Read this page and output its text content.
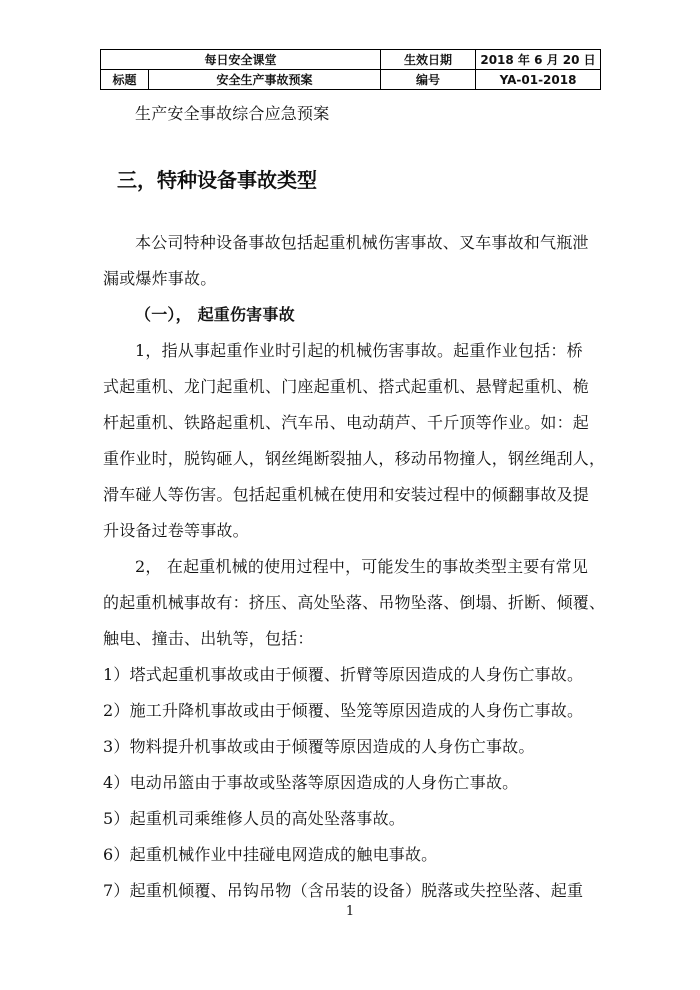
每日安全课堂		生效日期	2018 年 6 月 20 日
标题	安全生产事故预案	编号	YA-01-2018
生产安全事故综合应急预案
三，特种设备事故类型
本公司特种设备事故包括起重机械伤害事故、叉车事故和气瓶泄
漏或爆炸事故。
（一）， 起重伤害事故
1，指从事起重作业时引起的机械伤害事故。起重作业包括：桥
式起重机、龙门起重机、门座起重机、搭式起重机、悬臂起重机、桅
杆起重机、铁路起重机、汽车吊、电动葫芦、千斤顶等作业。如：起
重作业时，脱钩砸人，钢丝绳断裂抽人，移动吊物撞人，钢丝绳刮人，
滑车碰人等伤害。包括起重机械在使用和安装过程中的倾翻事故及提
升设备过卷等事故。
2， 在起重机械的使用过程中，可能发生的事故类型主要有常见
的起重机械事故有：挤压、高处坠落、吊物坠落、倒塌、折断、倾覆、
触电、撞击、出轨等，包括：
1）塔式起重机事故或由于倾覆、折臂等原因造成的人身伤亡事故。
2）施工升降机事故或由于倾覆、坠笼等原因造成的人身伤亡事故。
3）物料提升机事故或由于倾覆等原因造成的人身伤亡事故。
4）电动吊篮由于事故或坠落等原因造成的人身伤亡事故。
5）起重机司乘维修人员的高处坠落事故。
6）起重机械作业中挂碰电网造成的触电事故。
7）起重机倾覆、吊钩吊物（含吊装的设备）脱落或失控坠落、起重
1
